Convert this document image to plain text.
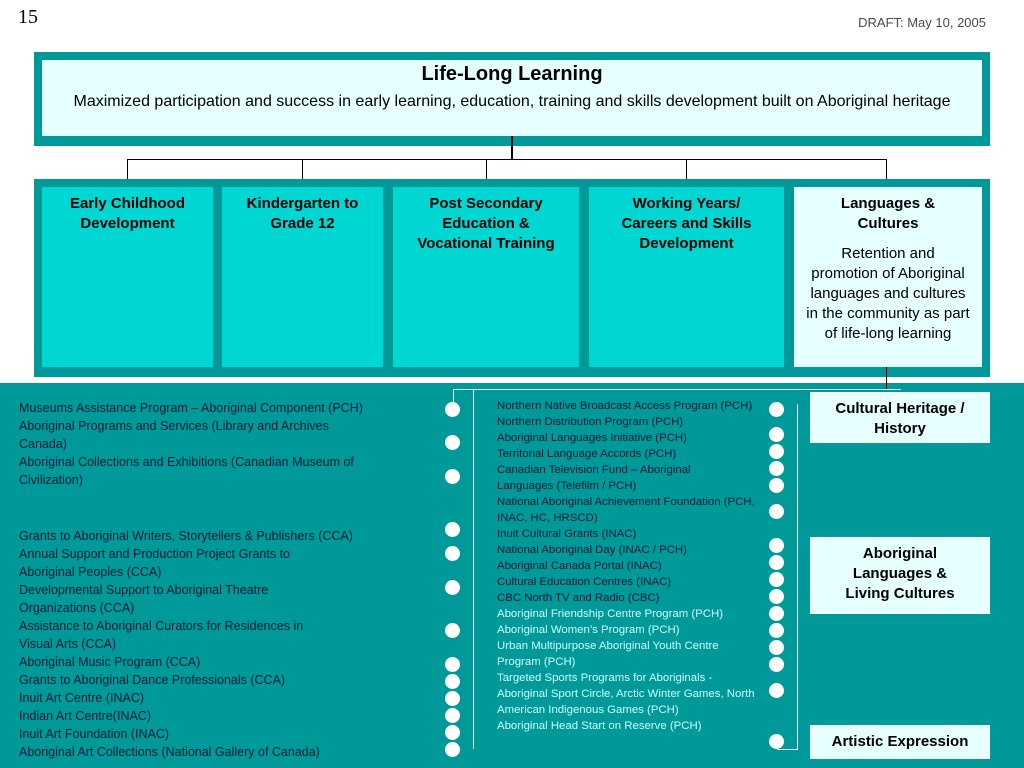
15	DRAFT: May 10, 2005
Life-Long Learning
Maximized participation and success in early learning, education, training and skills development built on Aboriginal heritage
Early Childhood Development
Kindergarten to Grade 12
Post Secondary Education & Vocational Training
Working Years/ Careers and Skills Development
Languages & Cultures
Retention and promotion of Aboriginal languages and cultures in the community as part of life-long learning
Museums Assistance Program – Aboriginal Component (PCH)
Aboriginal Programs and Services (Library and Archives Canada)
Aboriginal Collections and Exhibitions (Canadian Museum of Civilization)
Grants to Aboriginal Writers, Storytellers & Publishers (CCA)
Annual Support and Production Project Grants to Aboriginal Peoples (CCA)
Developmental Support to Aboriginal Theatre Organizations (CCA)
Assistance to Aboriginal Curators for Residences in Visual Arts (CCA)
Aboriginal Music Program (CCA)
Grants to Aboriginal Dance Professionals (CCA)
Inuit Art Centre (INAC)
Indian Art Centre(INAC)
Inuit Art Foundation (INAC)
Aboriginal Art Collections (National Gallery of Canada)
Northern Native Broadcast Access Program (PCH)
Northern Distribution Program (PCH)
Aboriginal Languages Initiative (PCH)
Territorial Language Accords (PCH)
Canadian Television Fund – Aboriginal Languages (Telefilm / PCH)
National Aboriginal Achievement Foundation (PCH, INAC, HC, HRSCD)
Inuit Cultural Grants (INAC)
National Aboriginal Day (INAC / PCH)
Aboriginal Canada Portal (INAC)
Cultural Education Centres (INAC)
CBC North TV and Radio (CBC)
Aboriginal Friendship Centre Program (PCH)
Aboriginal Women’s Program (PCH)
Urban Multipurpose Aboriginal Youth Centre Program (PCH)
Targeted Sports Programs for Aboriginals - Aboriginal Sport Circle, Arctic Winter Games, North American Indigenous Games (PCH)
Aboriginal Head Start on Reserve (PCH)
Cultural Heritage / History
Aboriginal Languages & Living Cultures
Artistic Expression
